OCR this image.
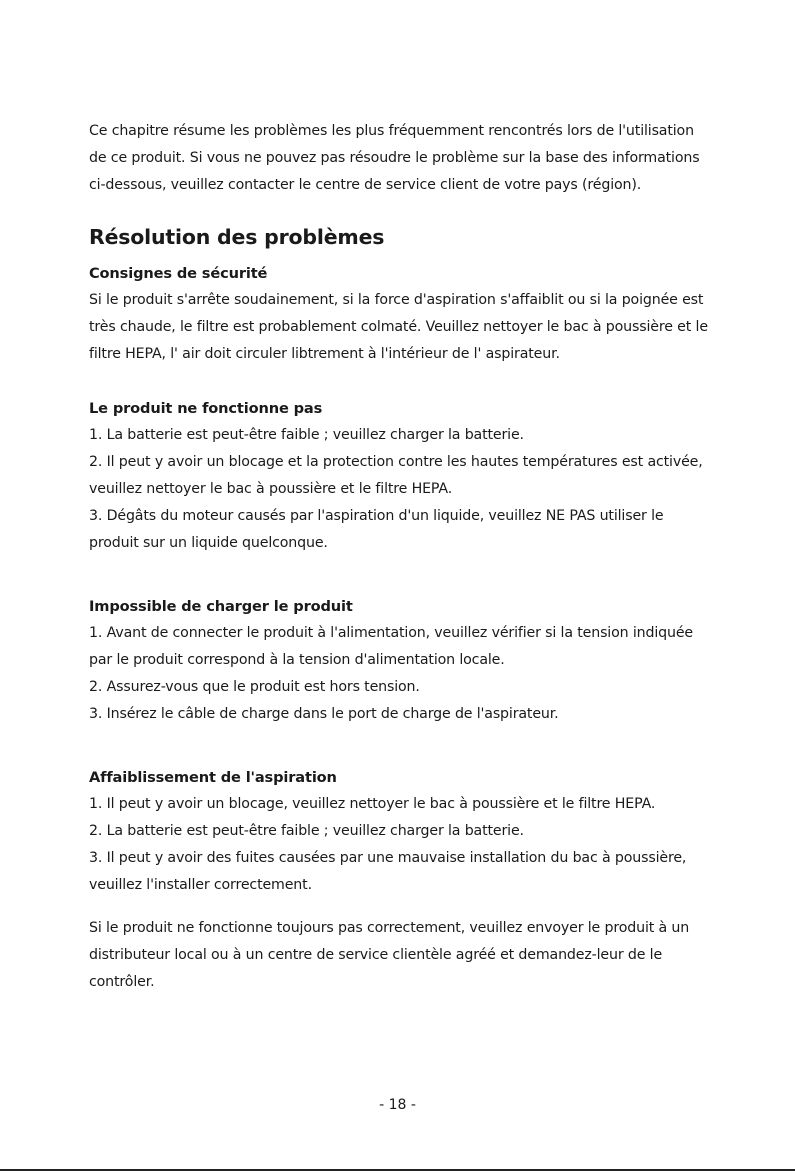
Ce chapitre résume les problèmes les plus fréquemment rencontrés lors de l'utilisation de ce produit. Si vous ne pouvez pas résoudre le problème sur la base des informations ci-dessous, veuillez contacter le centre de service client de votre pays (région).

Résolution des problèmes
Consignes de sécurité

Si le produit s'arrête soudainement, si la force d'aspiration s'affaiblit ou si la poignée est très chaude, le filtre est probablement colmaté. Veuillez nettoyer le bac à poussière et le filtre HEPA, l' air doit circuler libtrement à l'intérieur de l' aspirateur.

Le produit ne fonctionne pas

1. La batterie est peut-être faible ; veuillez charger la batterie.

2. Il peut y avoir un blocage et la protection contre les hautes températures est activée, veuillez nettoyer le bac à poussière et le filtre HEPA.

3. Dégâts du moteur causés par l'aspiration d'un liquide, veuillez NE PAS utiliser le produit sur un liquide quelconque.

Impossible de charger le produit

1. Avant de connecter le produit à l'alimentation, veuillez vérifier si la tension indiquée par le produit correspond à la tension d'alimentation locale.

2. Assurez-vous que le produit est hors tension.

3. Insérez le câble de charge dans le port de charge de l'aspirateur.

Affaiblissement de l'aspiration

1. Il peut y avoir un blocage, veuillez nettoyer le bac à poussière et le filtre HEPA.

2. La batterie est peut-être faible ; veuillez charger la batterie.

3. Il peut y avoir des fuites causées par une mauvaise installation du bac à poussière, veuillez l'installer correctement.

Si le produit ne fonctionne toujours pas correctement, veuillez envoyer le produit à un distributeur local ou à un centre de service clientèle agréé et demandez-leur de le contrôler.

- 18 -
